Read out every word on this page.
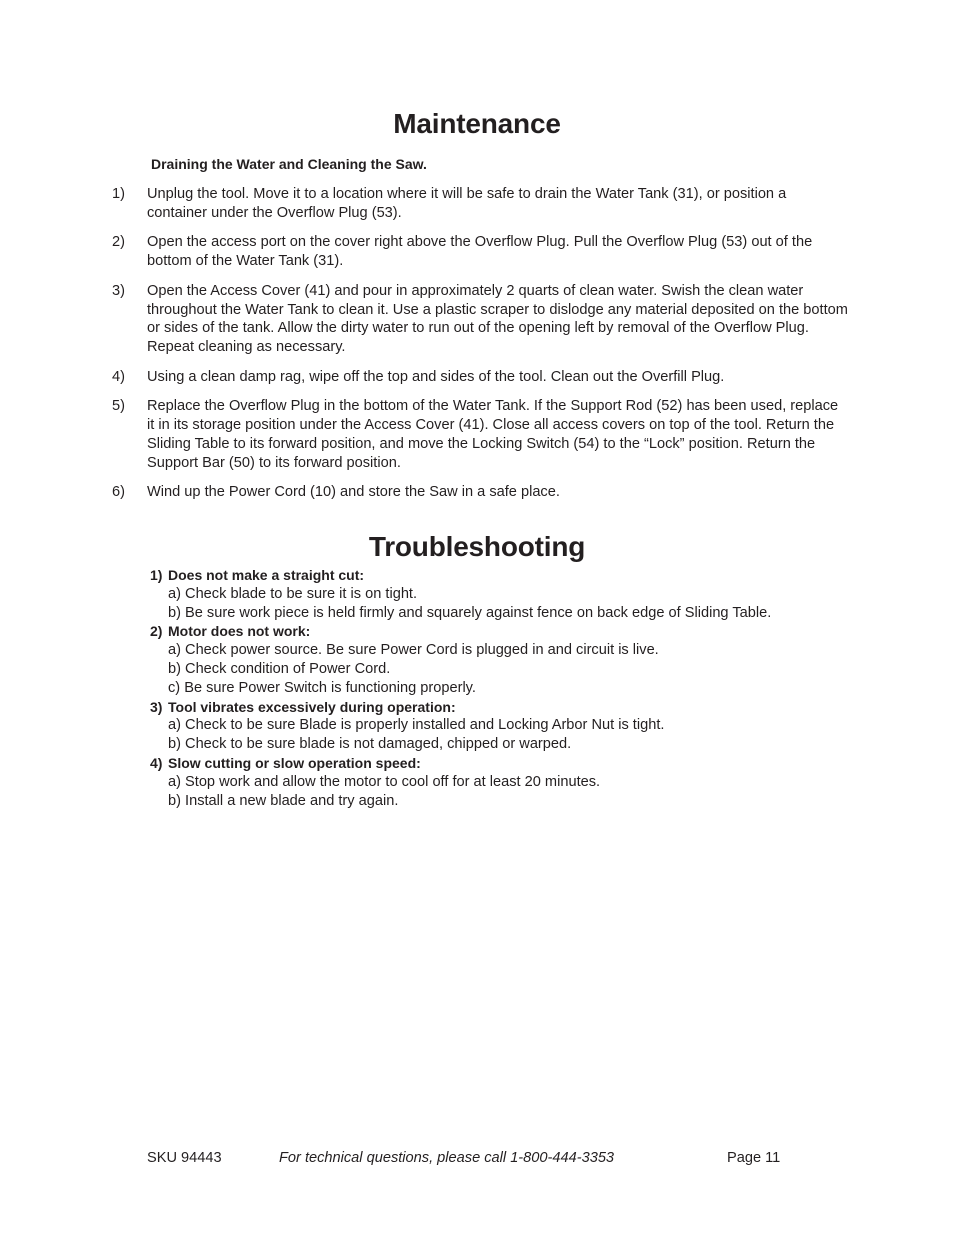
Maintenance
Draining the Water and Cleaning the Saw.
1)	Unplug the tool. Move it to a location where it will be safe to drain the Water Tank (31), or position a container under the Overflow Plug (53).
2)	Open the access port on the cover right above the Overflow Plug. Pull the Overflow Plug (53) out of the bottom of the Water Tank (31).
3)	Open the Access Cover (41) and pour in approximately 2 quarts of clean water. Swish the clean water throughout the Water Tank to clean it. Use a plastic scraper to dislodge any material deposited on the bottom or sides of the tank. Allow the dirty water to run out of the opening left by removal of the Overflow Plug. Repeat cleaning as necessary.
4)	Using a clean damp rag, wipe off the top and sides of the tool. Clean out the Overfill Plug.
5)	Replace the Overflow Plug in the bottom of the Water Tank. If the Support Rod (52) has been used, replace it in its storage position under the Access Cover (41). Close all access covers on top of the tool. Return the Sliding Table to its forward position, and move the Locking Switch (54) to the “Lock” position. Return the Support Bar (50) to its forward position.
6)	Wind up the Power Cord (10) and store the Saw in a safe place.
Troubleshooting
1) Does not make a straight cut:
a) Check blade to be sure it is on tight.
b) Be sure work piece is held firmly and squarely against fence on back edge of Sliding Table.
2) Motor does not work:
a) Check power source. Be sure Power Cord is plugged in and circuit is live.
b) Check condition of Power Cord.
c) Be sure Power Switch is functioning properly.
3) Tool vibrates excessively during operation:
a) Check to be sure Blade is properly installed and Locking Arbor Nut is tight.
b) Check to be sure blade is not damaged, chipped or warped.
4) Slow cutting or slow operation speed:
a) Stop work and allow the motor to cool off for at least 20 minutes.
b) Install a new blade and try again.
SKU 94443	For technical questions, please call 1-800-444-3353	Page 11
